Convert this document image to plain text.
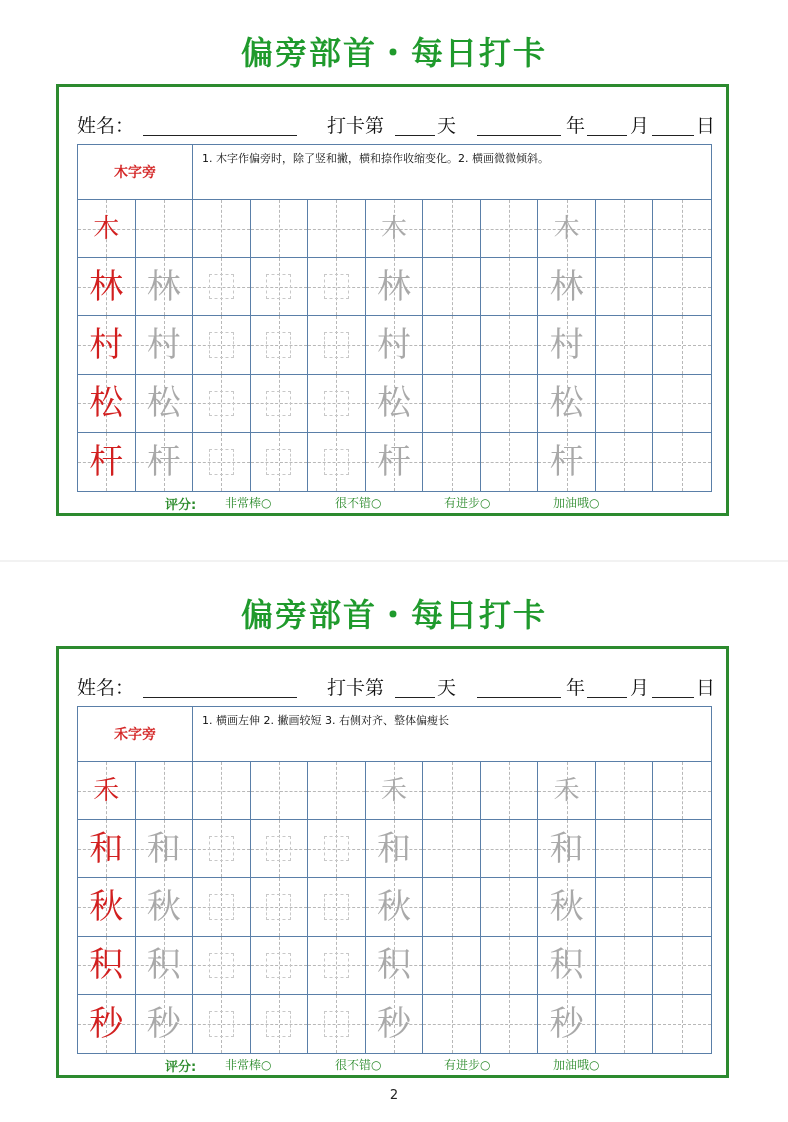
偏旁部首・每日打卡
姓名：	打卡第	天	年 月 日
木字旁
1. 木字作偏旁时，除了竖和撇，横和捺作收缩变化。2. 横画微微倾斜。
木	木	木
林 林	林	林
村 村	村	村
松 松	松	松
杆 杆	杆	杆
评分: 非常棒○	很不错○	有进步○	加油哦○
偏旁部首・每日打卡
姓名：	打卡第	天	年 月 日
禾字旁
1. 横画左伸 2. 撇画较短 3. 右侧对齐、整体偏瘦长
禾	禾	禾
和 和	和	和
秋 秋	秋	秋
积 积	积	积
秒 秒	秒	秒
评分: 非常棒○	很不错○	有进步○	加油哦○
2
